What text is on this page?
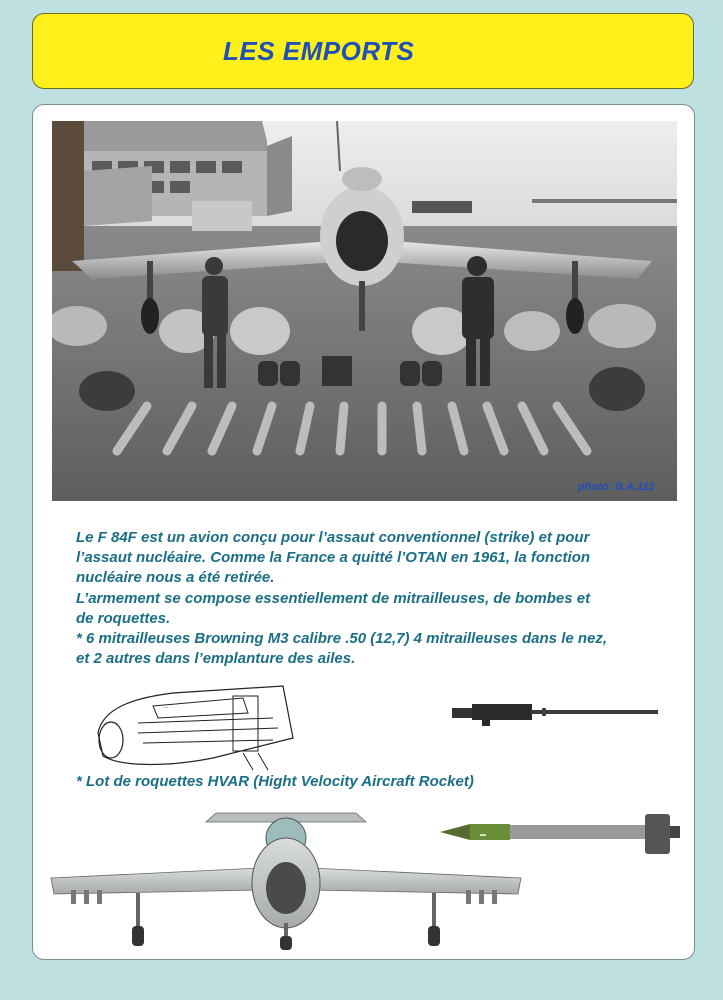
LES EMPORTS
photo: B.A.112
Le F 84F est un avion conçu pour l’assaut conventionnel (strike) et pour
l’assaut nucléaire. Comme la France a quitté l’OTAN en 1961, la fonction
nucléaire nous a été retirée.
L’armement se compose essentiellement de mitrailleuses, de bombes et
de roquettes.
* 6 mitrailleuses Browning M3 calibre .50 (12,7) 4 mitrailleuses dans le nez,
et 2 autres dans l’emplanture des ailes.
...
* Lot de roquettes HVAR (Hight Velocity Aircraft Rocket)
▬
